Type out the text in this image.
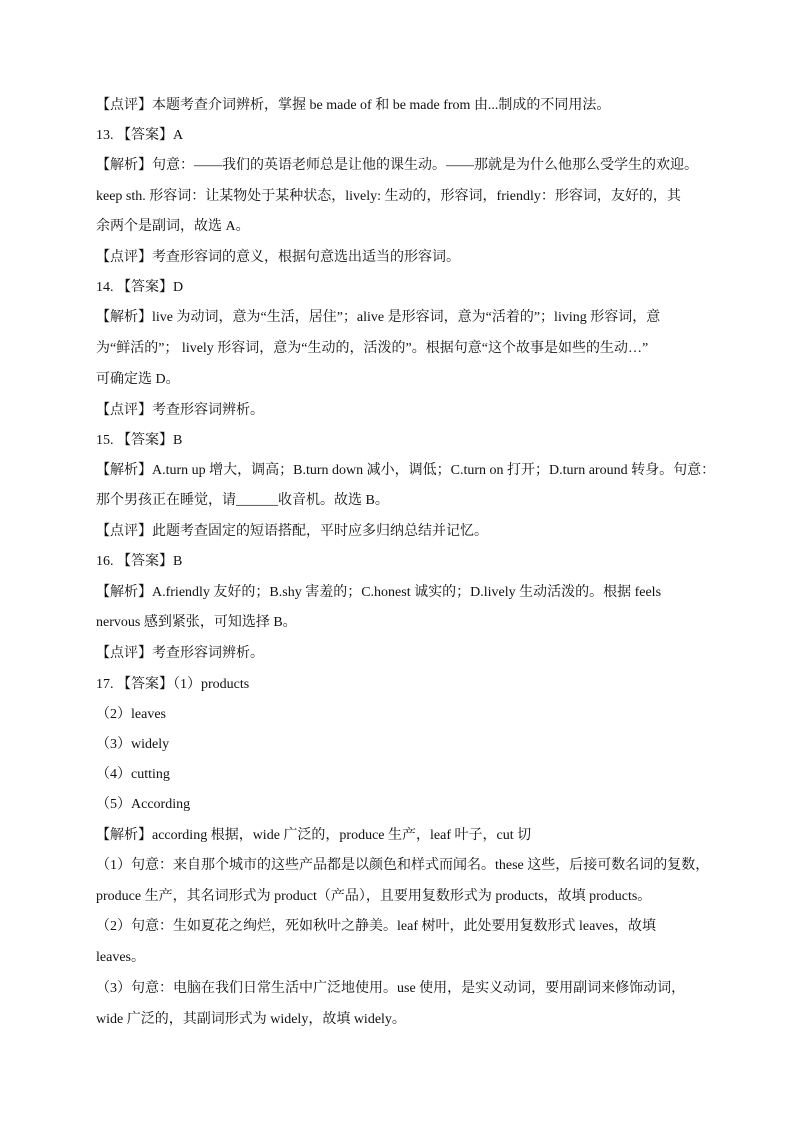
【点评】本题考查介词辨析，掌握 be made of 和 be made from 由...制成的不同用法。
13. 【答案】A
【解析】句意：——我们的英语老师总是让他的课生动。——那就是为什么他那么受学生的欢迎。
keep sth. 形容词：让某物处于某种状态，lively: 生动的，形容词，friendly：形容词，友好的，其
余两个是副词，故选 A。
【点评】考查形容词的意义，根据句意选出适当的形容词。
14. 【答案】D
【解析】live 为动词，意为“生活，居住”；alive 是形容词，意为“活着的”；living 形容词，意
为“鲜活的”； lively 形容词，意为“生动的，活泼的”。根据句意“这个故事是如些的生动…”
可确定选 D。
【点评】考查形容词辨析。
15. 【答案】B
【解析】A.turn up 增大，调高；B.turn down 减小，调低；C.turn on 打开；D.turn around 转身。句意：
那个男孩正在睡觉，请______收音机。故选 B。
【点评】此题考查固定的短语搭配，平时应多归纳总结并记忆。
16. 【答案】B
【解析】A.friendly 友好的；B.shy 害羞的；C.honest 诚实的；D.lively 生动活泼的。根据 feels
nervous 感到紧张，可知选择 B。
【点评】考查形容词辨析。
17. 【答案】（1）products
（2）leaves
（3）widely
（4）cutting
（5）According
【解析】according 根据，wide 广泛的，produce 生产，leaf 叶子，cut 切
（1）句意：来自那个城市的这些产品都是以颜色和样式而闻名。these 这些，后接可数名词的复数，
produce 生产，其名词形式为 product（产品），且要用复数形式为 products，故填 products。
（2）句意：生如夏花之绚烂，死如秋叶之静美。leaf 树叶，此处要用复数形式 leaves，故填
leaves。
（3）句意：电脑在我们日常生活中广泛地使用。use 使用，是实义动词，要用副词来修饰动词，
wide 广泛的，其副词形式为 widely，故填 widely。
